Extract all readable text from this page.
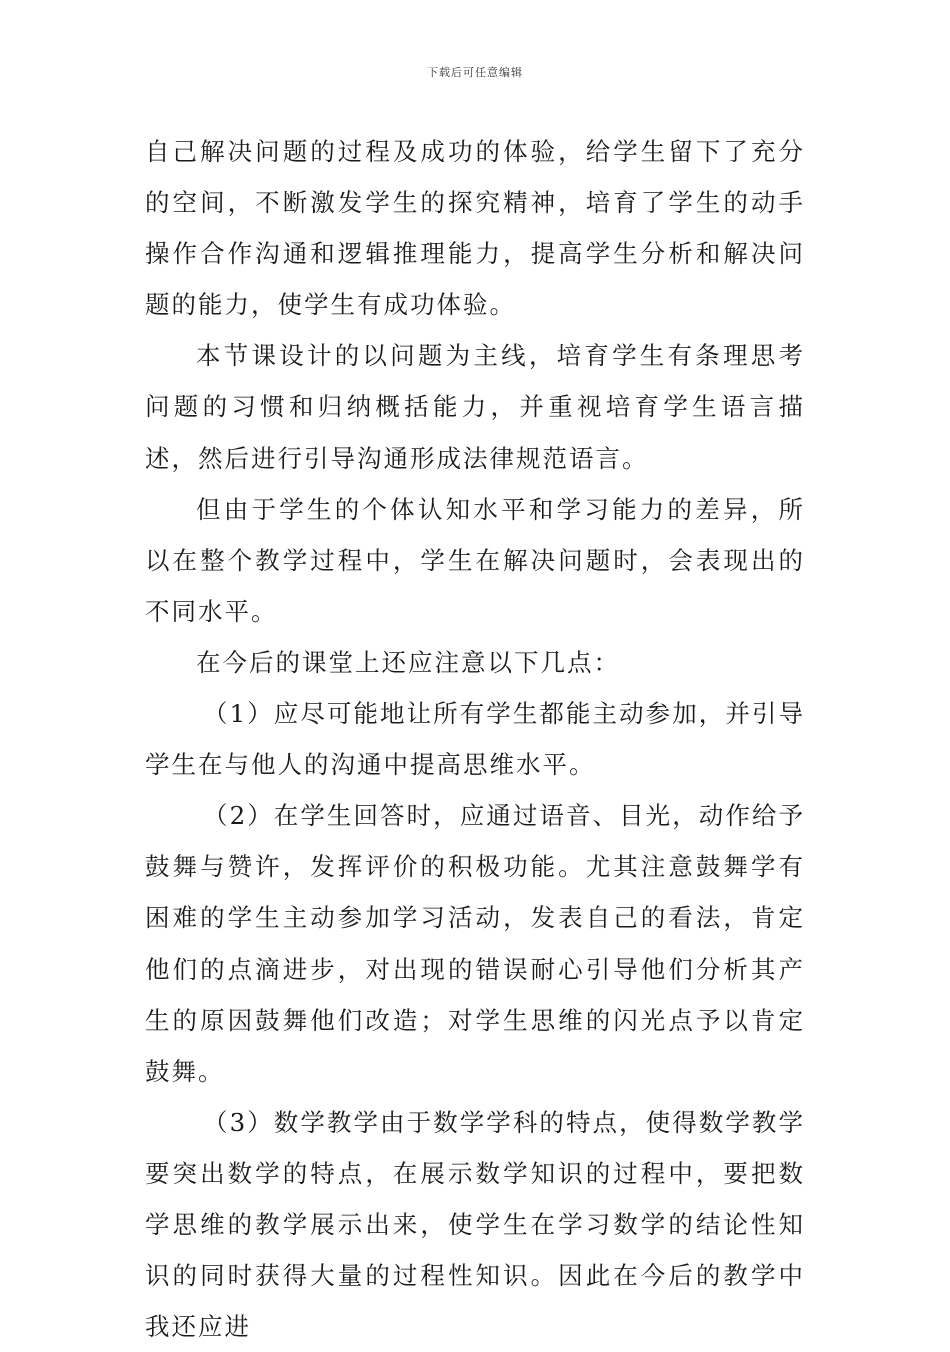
下载后可任意编辑

自己解决问题的过程及成功的体验，给学生留下了充分的空间，不断激发学生的探究精神，培育了学生的动手操作合作沟通和逻辑推理能力，提高学生分析和解决问题的能力，使学生有成功体验。

本节课设计的以问题为主线，培育学生有条理思考问题的习惯和归纳概括能力，并重视培育学生语言描述，然后进行引导沟通形成法律规范语言。

但由于学生的个体认知水平和学习能力的差异，所以在整个教学过程中，学生在解决问题时，会表现出的不同水平。

在今后的课堂上还应注意以下几点：

（1）应尽可能地让所有学生都能主动参加，并引导学生在与他人的沟通中提高思维水平。

（2）在学生回答时，应通过语音、目光，动作给予鼓舞与赞许，发挥评价的积极功能。尤其注意鼓舞学有困难的学生主动参加学习活动，发表自己的看法，肯定他们的点滴进步，对出现的错误耐心引导他们分析其产生的原因鼓舞他们改造；对学生思维的闪光点予以肯定鼓舞。

（3）数学教学由于数学学科的特点，使得数学教学要突出数学的特点，在展示数学知识的过程中，要把数学思维的教学展示出来，使学生在学习数学的结论性知识的同时获得大量的过程性知识。因此在今后的教学中我还应进
